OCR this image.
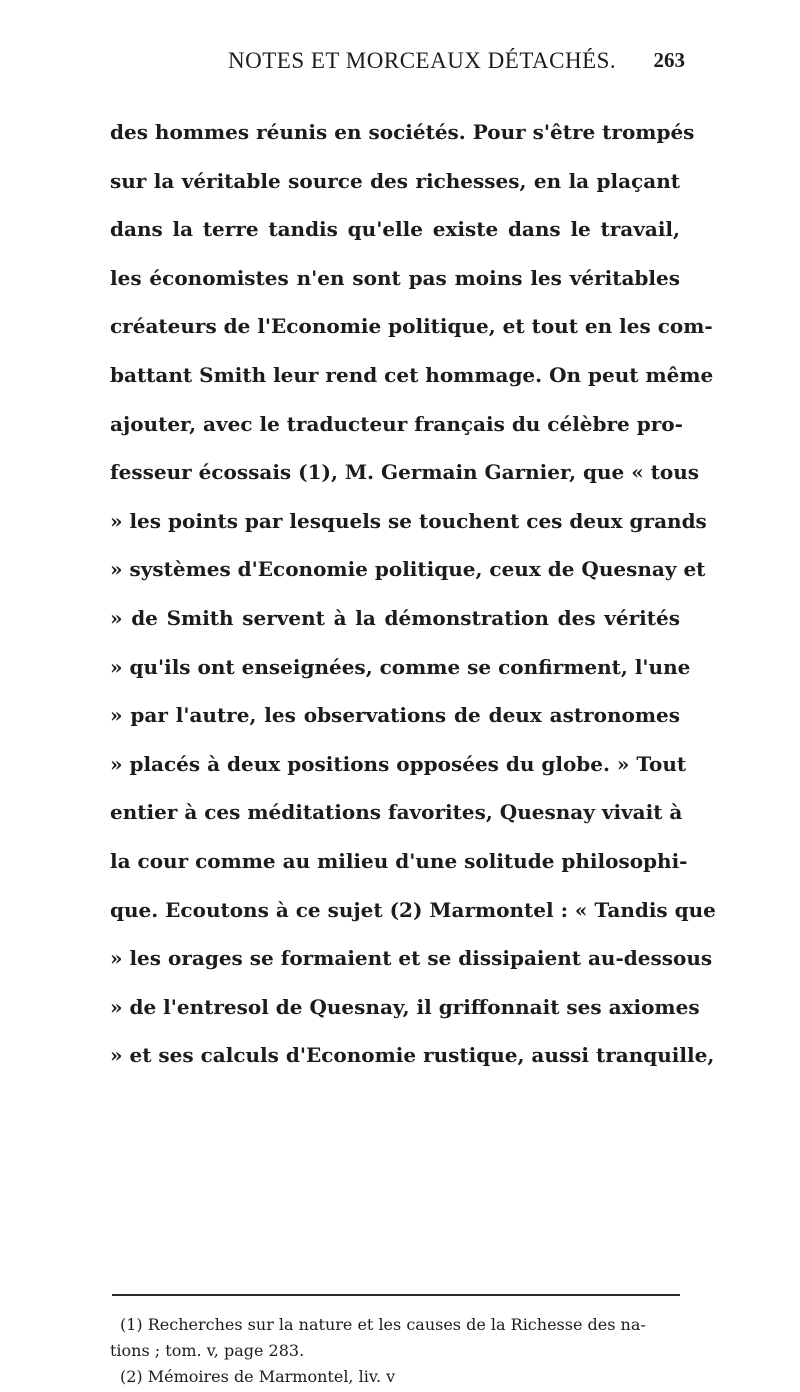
NOTES ET MORCEAUX DÉTACHÉS. 263
des hommes réunis en sociétés. Pour s'être trompés
sur la véritable source des richesses, en la plaçant
dans la terre tandis qu'elle existe dans le travail,
les économistes n'en sont pas moins les véritables
créateurs de l'Economie politique, et tout en les com-
battant Smith leur rend cet hommage. On peut même
ajouter, avec le traducteur français du célèbre pro-
fesseur écossais (1), M. Germain Garnier, que « tous
» les points par lesquels se touchent ces deux grands
» systèmes d'Economie politique, ceux de Quesnay et
» de Smith servent à la démonstration des vérités
» qu'ils ont enseignées, comme se confirment, l'une
» par l'autre, les observations de deux astronomes
» placés à deux positions opposées du globe. » Tout
entier à ces méditations favorites, Quesnay vivait à
la cour comme au milieu d'une solitude philosophi-
que. Ecoutons à ce sujet (2) Marmontel : « Tandis que
» les orages se formaient et se dissipaient au-dessous
» de l'entresol de Quesnay, il griffonnait ses axiomes
» et ses calculs d'Economie rustique, aussi tranquille,
(1) Recherches sur la nature et les causes de la Richesse des na-
tions ; tom. v, page 283.
(2) Mémoires de Marmontel, liv. v
